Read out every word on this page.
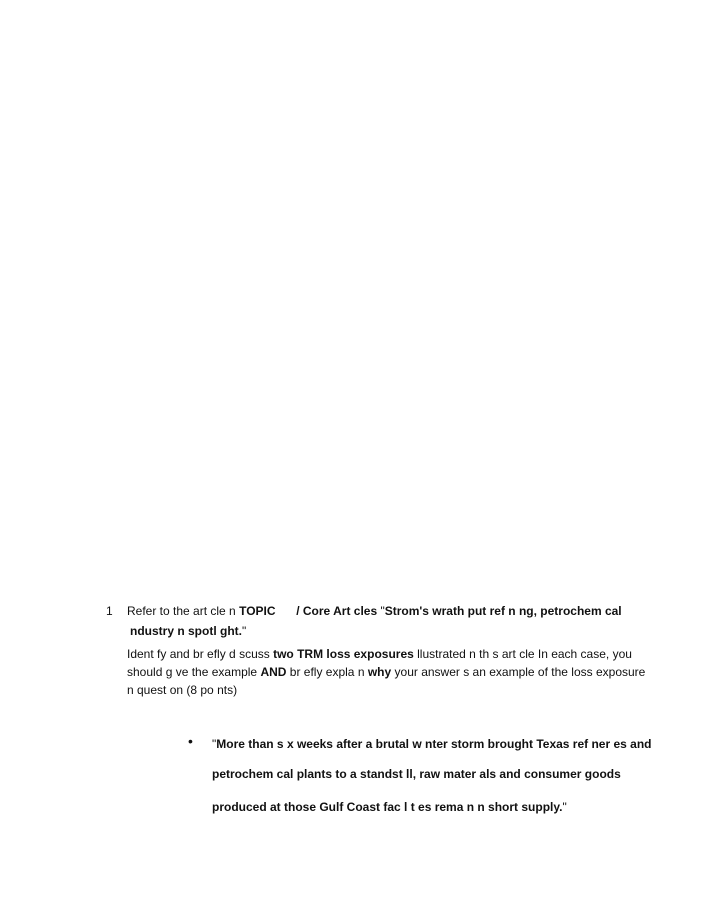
1 Refer to the art cle n TOPIC / Core Art cles "Strom's wrath put ref n ng, petrochem cal
ndustry n spotl ght."
Ident fy and br efly d scuss two TRM loss exposures llustrated n th s art cle In each case, you
should g ve the example AND br efly expla n why your answer s an example of the loss exposure
n quest on (8 po nts)
• "More than s x weeks after a brutal w nter storm brought Texas ref ner es and
petrochem cal plants to a standst ll, raw mater als and consumer goods
produced at those Gulf Coast fac l t es rema n n short supply."
